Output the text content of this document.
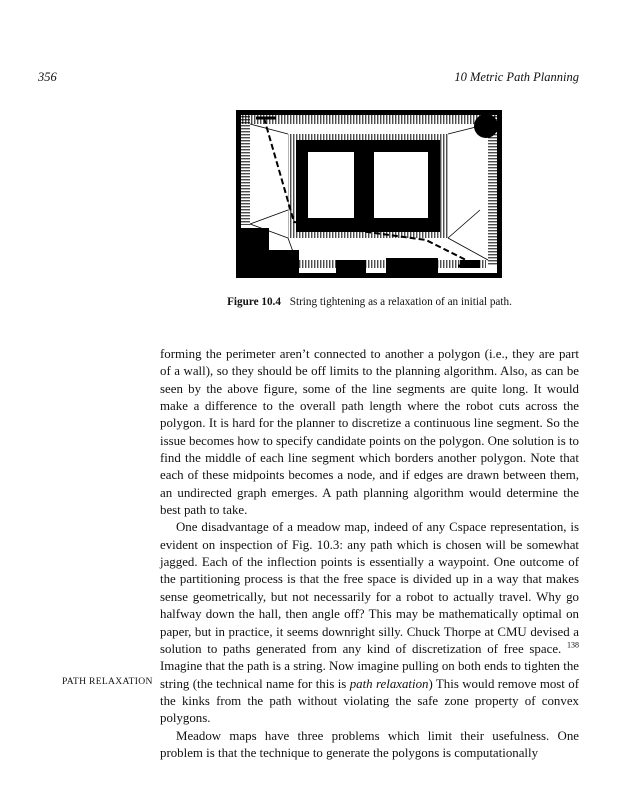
356	10 Metric Path Planning
Figure 10.4 String tightening as a relaxation of an initial path.

forming the perimeter aren’t connected to another a polygon (i.e., they are part of a wall), so they should be off limits to the planning algorithm. Also, as can be seen by the above figure, some of the line segments are quite long. It would make a difference to the overall path length where the robot cuts across the polygon. It is hard for the planner to discretize a continuous line segment. So the issue becomes how to specify candidate points on the polygon. One solution is to find the middle of each line segment which borders another polygon. Note that each of these midpoints becomes a node, and if edges are drawn between them, an undirected graph emerges. A path planning algorithm would determine the best path to take.

One disadvantage of a meadow map, indeed of any Cspace representation, is evident on inspection of Fig. 10.3: any path which is chosen will be somewhat jagged. Each of the inflection points is essentially a waypoint. One outcome of the partitioning process is that the free space is divided up in a way that makes sense geometrically, but not necessarily for a robot to actually travel. Why go halfway down the hall, then angle off? This may be mathematically optimal on paper, but in practice, it seems downright silly. Chuck Thorpe at CMU devised a solution to paths generated from any kind of discretization of free space. $^{138}$ Imagine that the path is a string. Now imagine pulling on both ends to tighten the string (the technical name for this is path relaxation) This would remove most of the kinks from the path without violating the safe zone property of convex polygons.

Meadow maps have three problems which limit their usefulness. One problem is that the technique to generate the polygons is computationally

PATH RELAXATION
